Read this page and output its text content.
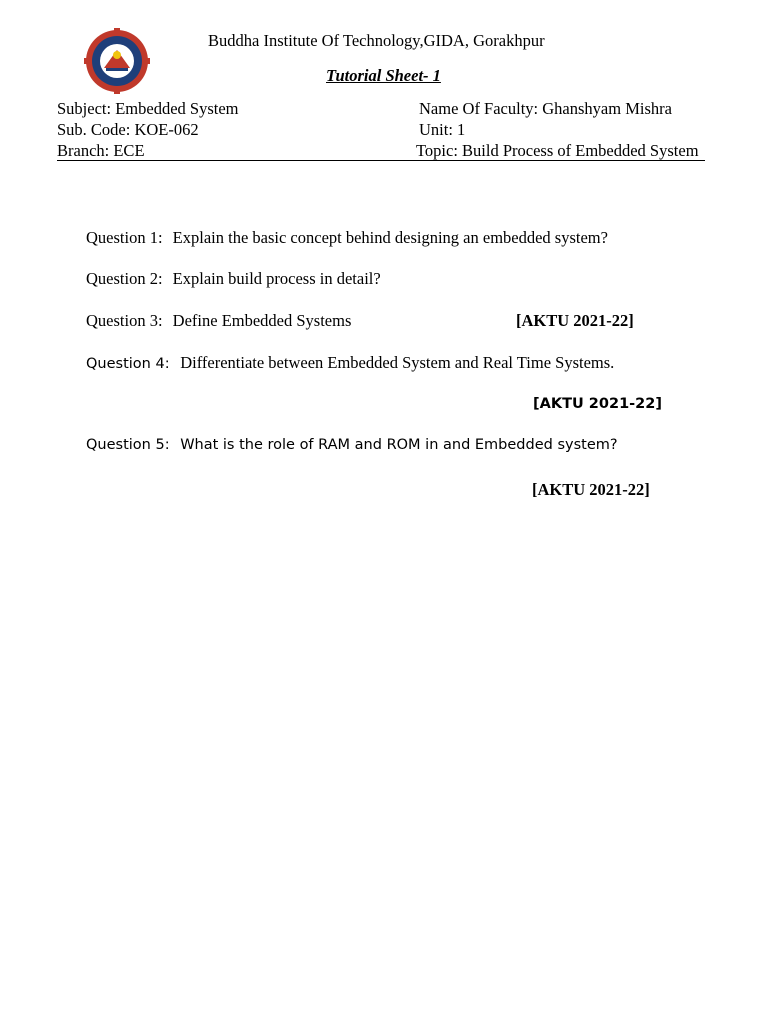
Buddha Institute Of Technology,GIDA, Gorakhpur
Tutorial Sheet- 1
Subject: Embedded System
Sub. Code: KOE-062
Branch: ECE
Name Of Faculty: Ghanshyam Mishra
Unit: 1
Topic: Build Process of Embedded System
Question 1: Explain the basic concept behind designing an embedded system?
Question 2: Explain build process in detail?
Question 3: Define Embedded Systems	[AKTU 2021-22]
Question 4: Differentiate between Embedded System and Real Time Systems.
[AKTU 2021-22]
Question 5: What is the role of RAM and ROM in and Embedded system?
[AKTU 2021-22]
